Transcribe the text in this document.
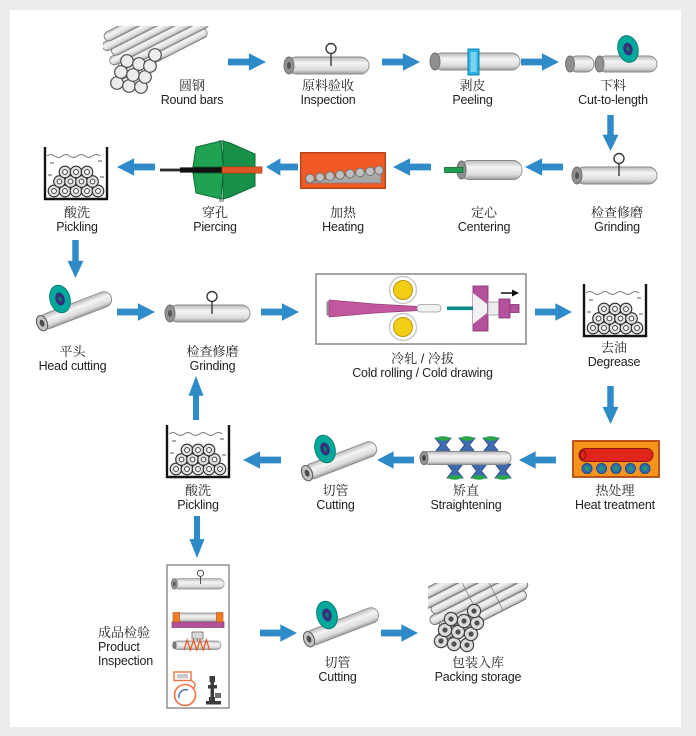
圆钢
Round bars
原料验收
Inspection
剥皮
Peeling
下料
Cut-to-length
检查修磨
Grinding
定心
Centering
加热
Heating
穿孔
Piercing
酸洗
Pickling
平头
Head cutting
检查修磨
Grinding	冷轧 / 冷拔
Cold rolling / Cold drawing
去油
Degrease
热处理
Heat treatment
矫直
Straightening
切管
Cutting
酸洗
Pickling
成品检验
Product
Inspection	切管
Cutting
包装入库
Packing storage
